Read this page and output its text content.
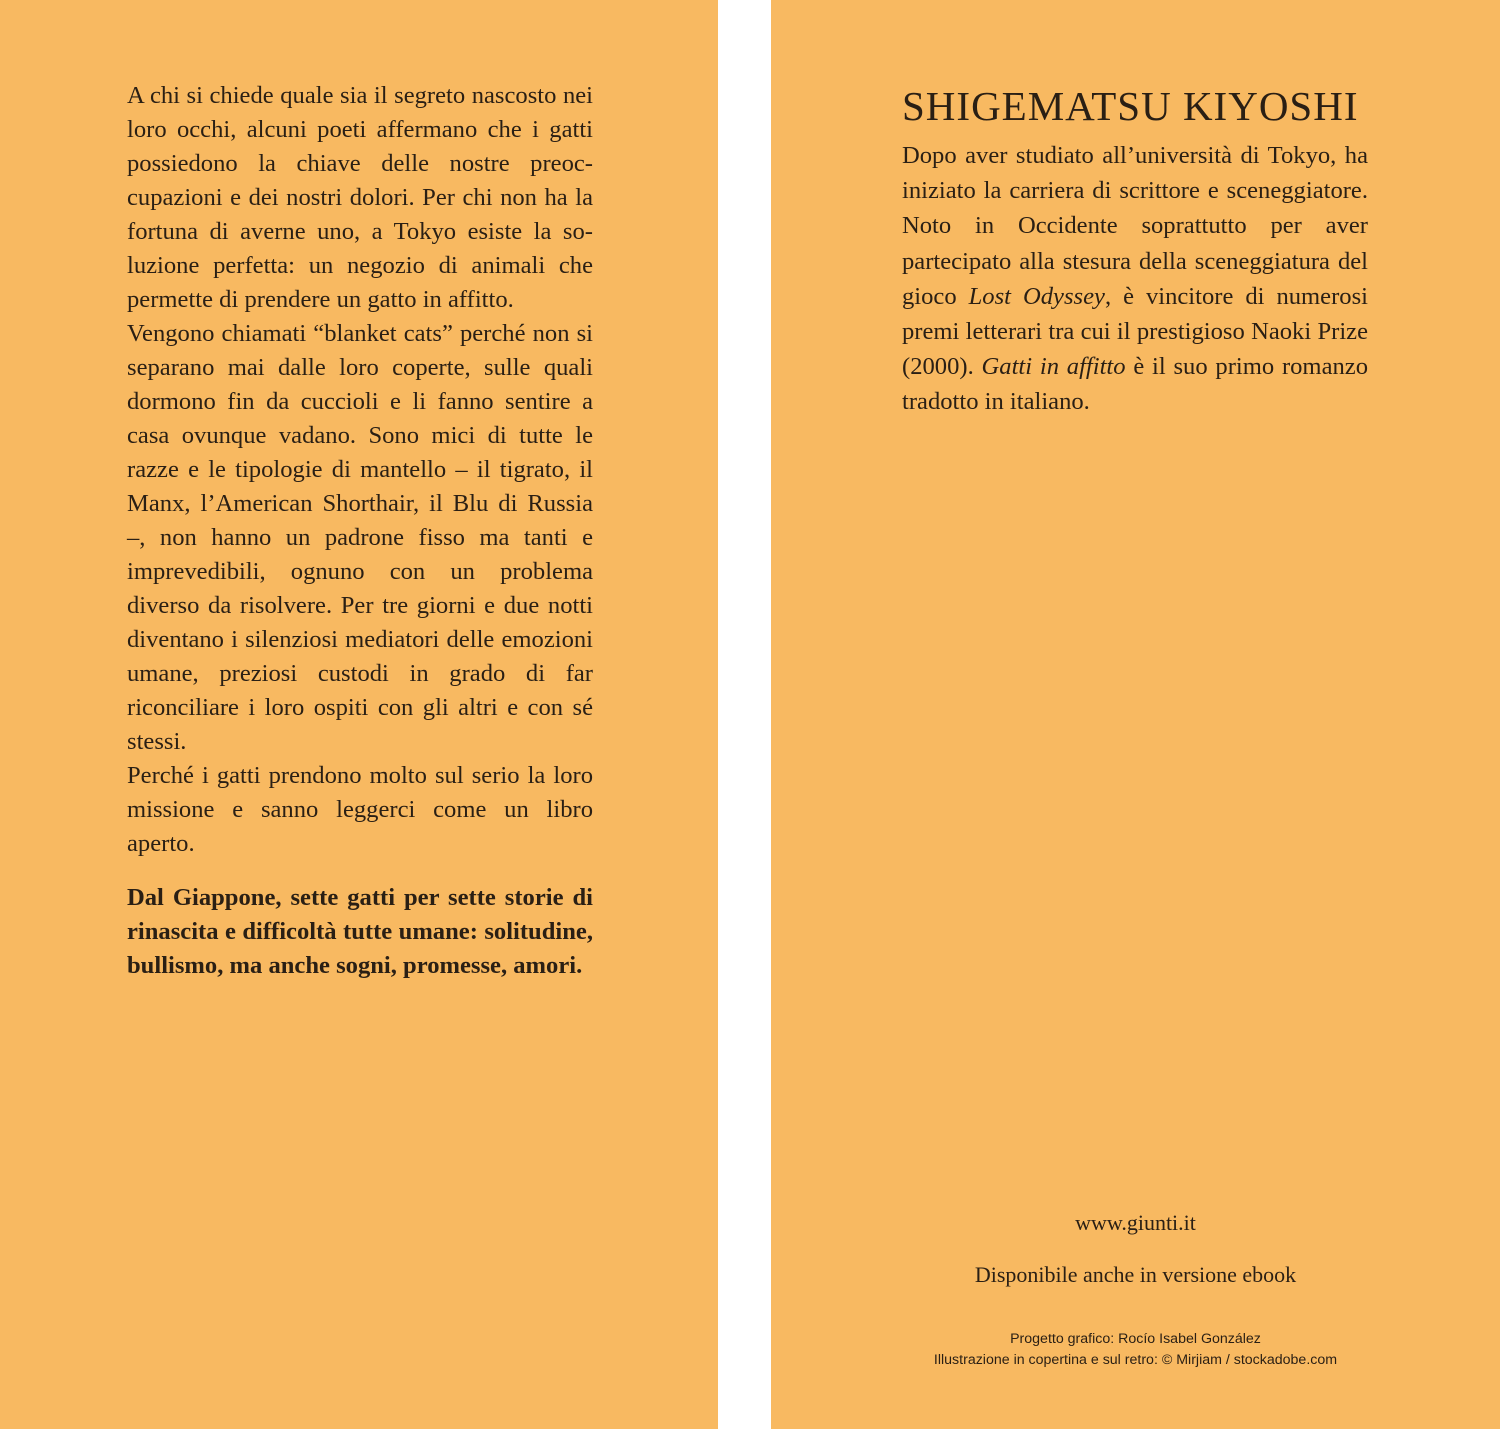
A chi si chiede quale sia il segreto nascosto nei loro occhi, alcuni poeti affermano che i gatti possiedono la chiave delle nostre preoccupazioni e dei nostri dolori. Per chi non ha la fortuna di averne uno, a Tokyo esiste la soluzione perfetta: un negozio di animali che permette di prendere un gatto in affitto.

Vengono chiamati “blanket cats” perché non si separano mai dalle loro coperte, sulle quali dormono fin da cuccioli e li fanno sentire a casa ovunque vadano. Sono mici di tutte le razze e le tipologie di mantello – il tigrato, il Manx, l’American Shorthair, il Blu di Russia –, non hanno un padrone fisso ma tanti e imprevedibili, ognuno con un problema diverso da risolvere. Per tre giorni e due notti diventano i silenziosi mediatori delle emozioni umane, preziosi custodi in grado di far riconciliare i loro ospiti con gli altri e con sé stessi.

Perché i gatti prendono molto sul serio la loro missione e sanno leggerci come un libro aperto.

Dal Giappone, sette gatti per sette storie di rinascita e difficoltà tutte umane: solitudine, bullismo, ma anche sogni, promesse, amori.

SHIGEMATSU KIYOSHI

Dopo aver studiato all’università di Tokyo, ha iniziato la carriera di scrittore e sceneggiatore. Noto in Occidente soprattutto per aver partecipato alla stesura della sceneggiatura del gioco Lost Odyssey, è vincitore di numerosi premi letterari tra cui il prestigioso Naoki Prize (2000). Gatti in affitto è il suo primo romanzo tradotto in italiano.

www.giunti.it
Disponibile anche in versione ebook
Progetto grafico: Rocío Isabel González
Illustrazione in copertina e sul retro: © Mirjiam / stockadobe.com
